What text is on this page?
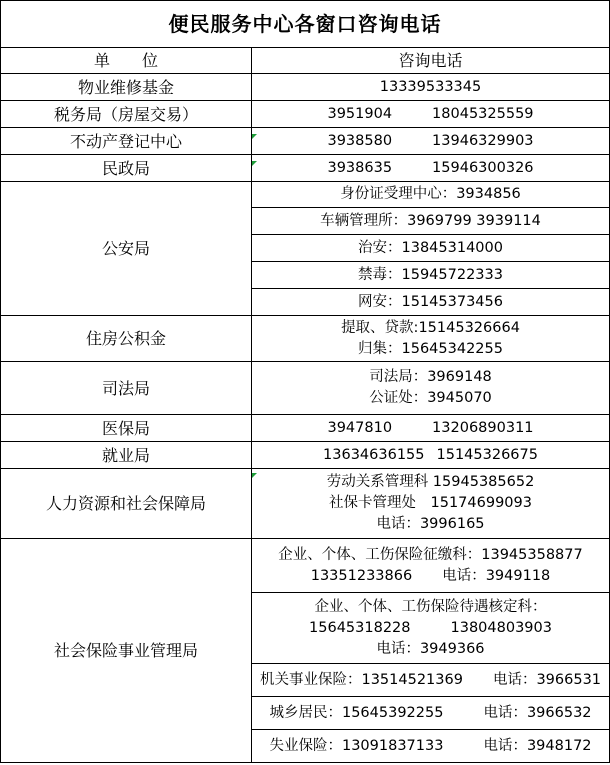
便民服务中心各窗口咨询电话	
单　　位	咨询电话
物业维修基金	13339533345
税务局（房屋交易）	3951904 18045325559
不动产登记中心	3938580 13946329903
民政局	3938635 15946300326
公安局	身份证受理中心：3934856
	车辆管理所：3969799 3939114
	治安：13845314000
	禁毒：15945722333
	网安：15145373456
住房公积金	提取、贷款:15145326664
归集：15645342255

司法局	司法局：3969148
公证处：3945070

医保局	3947810 13206890311
就业局	13634636155 15145326675
人力资源和社会保障局	劳动关系管理科 15945385652
社保卡管理处　15174699093
电话：3996165

社会保险事业管理局	企业、个体、工伤保险征缴科：13945358877
13351233866 电话：3949118

	企业、个体、工伤保险待遇核定科：
15645318228 13804803903
电话：3949366

	机关事业保险：13514521369 电话：3966531
	城乡居民：15645392255 电话：3966532
	失业保险：13091837133 电话：3948172
